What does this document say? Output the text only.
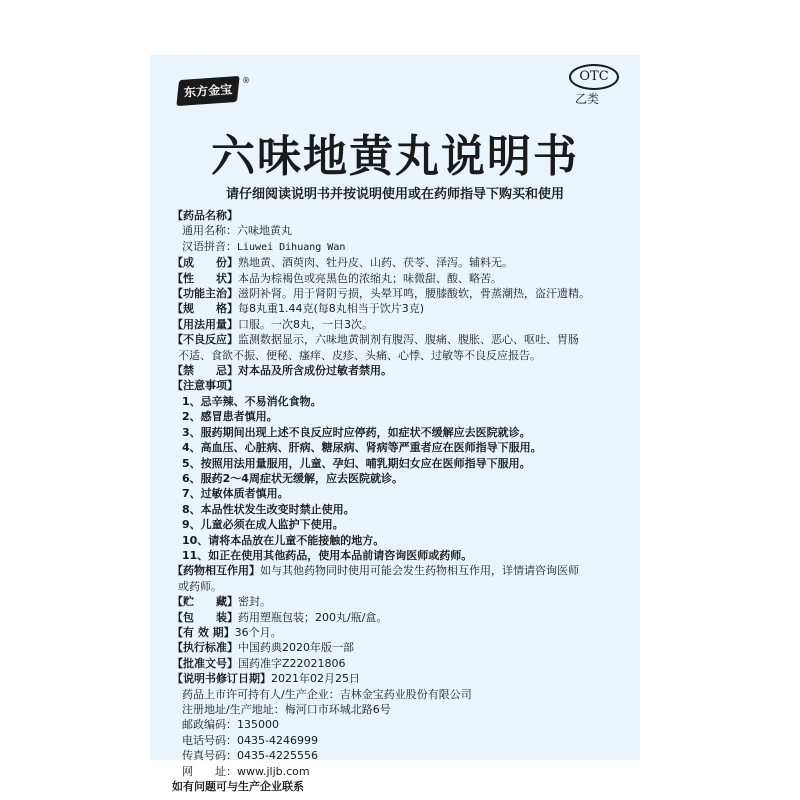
东方金宝
®	OTC
乙类
六味地黄丸说明书
请仔细阅读说明书并按说明使用或在药师指导下购买和使用
【药品名称】
通用名称：六味地黄丸
汉语拼音：Liuwei Dihuang Wan
【成　　份】熟地黄、酒萸肉、牡丹皮、山药、茯苓、泽泻。辅料无。
【性　　状】本品为棕褐色或亮黑色的浓缩丸；味微甜、酸、略苦。
【功能主治】滋阴补肾。用于肾阴亏损，头晕耳鸣，腰膝酸软，骨蒸潮热，盗汗遗精。
【规　　格】每8丸重1.44克(每8丸相当于饮片3克)
【用法用量】口服。一次8丸，一日3次。
【不良反应】监测数据显示，六味地黄制剂有腹泻、腹痛、腹胀、恶心、呕吐、胃肠
不适、食欲不振、便秘、瘙痒、皮疹、头痛、心悸、过敏等不良反应报告。
【禁　　忌】对本品及所含成份过敏者禁用。
【注意事项】
1、忌辛辣、不易消化食物。
2、感冒患者慎用。
3、服药期间出现上述不良反应时应停药，如症状不缓解应去医院就诊。
4、高血压、心脏病、肝病、糖尿病、肾病等严重者应在医师指导下服用。
5、按照用法用量服用，儿童、孕妇、哺乳期妇女应在医师指导下服用。
6、服药2～4周症状无缓解，应去医院就诊。
7、过敏体质者慎用。
8、本品性状发生改变时禁止使用。
9、儿童必须在成人监护下使用。
10、请将本品放在儿童不能接触的地方。
11、如正在使用其他药品，使用本品前请咨询医师或药师。
【药物相互作用】如与其他药物同时使用可能会发生药物相互作用，详情请咨询医师
或药师。
【贮　　藏】密封。
【包　　装】药用塑瓶包装；200丸/瓶/盒。
【有 效 期】36个月。
【执行标准】中国药典2020年版一部
【批准文号】国药准字Z22021806
【说明书修订日期】2021年02月25日
药品上市许可持有人/生产企业：吉林金宝药业股份有限公司
注册地址/生产地址：梅河口市环城北路6号
邮政编码：135000
电话号码：0435-4246999
传真号码：0435-4225556
网　　址：www.jljb.com
如有问题可与生产企业联系
